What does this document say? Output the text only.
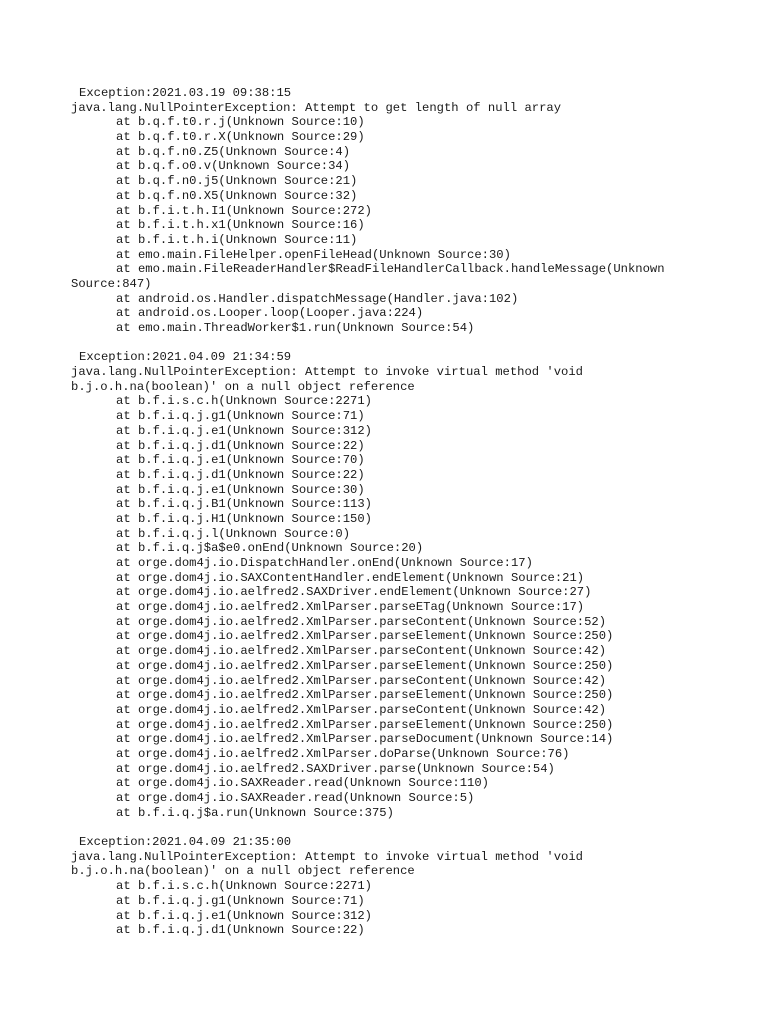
Exception:2021.03.19 09:38:15
java.lang.NullPointerException: Attempt to get length of null array
at b.q.f.t0.r.j(Unknown Source:10)
at b.q.f.t0.r.X(Unknown Source:29)
at b.q.f.n0.Z5(Unknown Source:4)
at b.q.f.o0.v(Unknown Source:34)
at b.q.f.n0.j5(Unknown Source:21)
at b.q.f.n0.X5(Unknown Source:32)
at b.f.i.t.h.I1(Unknown Source:272)
at b.f.i.t.h.x1(Unknown Source:16)
at b.f.i.t.h.i(Unknown Source:11)
at emo.main.FileHelper.openFileHead(Unknown Source:30)
at emo.main.FileReaderHandler$ReadFileHandlerCallback.handleMessage(Unknown
Source:847)
at android.os.Handler.dispatchMessage(Handler.java:102)
at android.os.Looper.loop(Looper.java:224)
at emo.main.ThreadWorker$1.run(Unknown Source:54)
Exception:2021.04.09 21:34:59
java.lang.NullPointerException: Attempt to invoke virtual method 'void
b.j.o.h.na(boolean)' on a null object reference
at b.f.i.s.c.h(Unknown Source:2271)
at b.f.i.q.j.g1(Unknown Source:71)
at b.f.i.q.j.e1(Unknown Source:312)
at b.f.i.q.j.d1(Unknown Source:22)
at b.f.i.q.j.e1(Unknown Source:70)
at b.f.i.q.j.d1(Unknown Source:22)
at b.f.i.q.j.e1(Unknown Source:30)
at b.f.i.q.j.B1(Unknown Source:113)
at b.f.i.q.j.H1(Unknown Source:150)
at b.f.i.q.j.l(Unknown Source:0)
at b.f.i.q.j$a$e0.onEnd(Unknown Source:20)
at orge.dom4j.io.DispatchHandler.onEnd(Unknown Source:17)
at orge.dom4j.io.SAXContentHandler.endElement(Unknown Source:21)
at orge.dom4j.io.aelfred2.SAXDriver.endElement(Unknown Source:27)
at orge.dom4j.io.aelfred2.XmlParser.parseETag(Unknown Source:17)
at orge.dom4j.io.aelfred2.XmlParser.parseContent(Unknown Source:52)
at orge.dom4j.io.aelfred2.XmlParser.parseElement(Unknown Source:250)
at orge.dom4j.io.aelfred2.XmlParser.parseContent(Unknown Source:42)
at orge.dom4j.io.aelfred2.XmlParser.parseElement(Unknown Source:250)
at orge.dom4j.io.aelfred2.XmlParser.parseContent(Unknown Source:42)
at orge.dom4j.io.aelfred2.XmlParser.parseElement(Unknown Source:250)
at orge.dom4j.io.aelfred2.XmlParser.parseContent(Unknown Source:42)
at orge.dom4j.io.aelfred2.XmlParser.parseElement(Unknown Source:250)
at orge.dom4j.io.aelfred2.XmlParser.parseDocument(Unknown Source:14)
at orge.dom4j.io.aelfred2.XmlParser.doParse(Unknown Source:76)
at orge.dom4j.io.aelfred2.SAXDriver.parse(Unknown Source:54)
at orge.dom4j.io.SAXReader.read(Unknown Source:110)
at orge.dom4j.io.SAXReader.read(Unknown Source:5)
at b.f.i.q.j$a.run(Unknown Source:375)
Exception:2021.04.09 21:35:00
java.lang.NullPointerException: Attempt to invoke virtual method 'void
b.j.o.h.na(boolean)' on a null object reference
at b.f.i.s.c.h(Unknown Source:2271)
at b.f.i.q.j.g1(Unknown Source:71)
at b.f.i.q.j.e1(Unknown Source:312)
at b.f.i.q.j.d1(Unknown Source:22)
